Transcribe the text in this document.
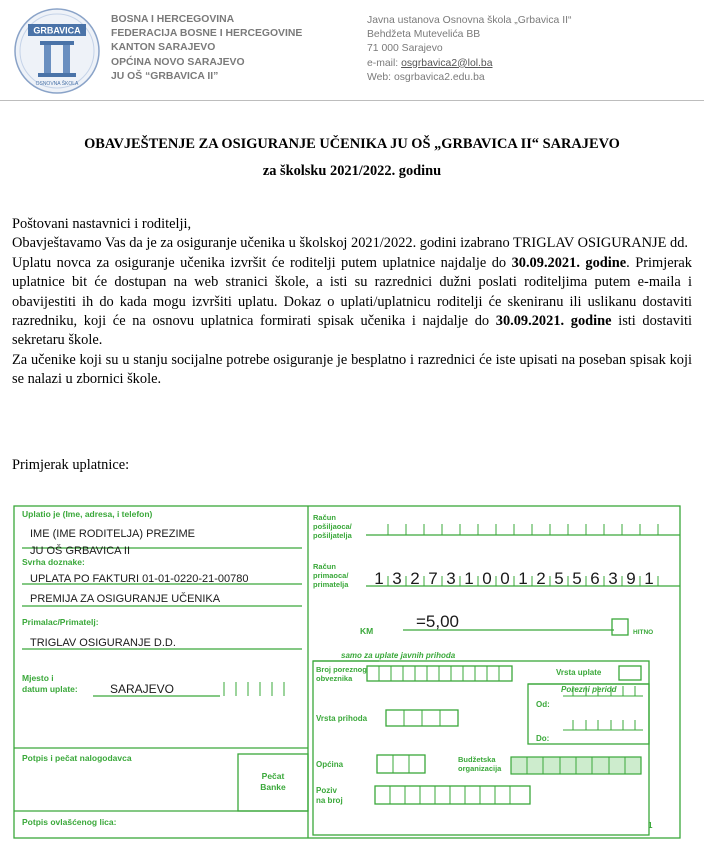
GRBAVICA
OSNOVNA ŠKOLA
BOSNA I HERCEGOVINA
FEDERACIJA BOSNE I HERCEGOVINE
KANTON SARAJEVO
OPĆINA NOVO SARAJEVO
JU OŠ “GRBAVICA II”
Javna ustanova Osnovna škola „Grbavica II“
Behdžeta Mutevelića BB
71 000 Sarajevo
e-mail: osgrbavica2@lol.ba
Web: osgrbavica2.edu.ba
OBAVJEŠTENJE ZA OSIGURANJE UČENIKA JU OŠ „GRBAVICA II“ SARAJEVO
za školsku 2021/2022. godinu

Poštovani nastavnici i roditelji,

Obavještavamo Vas da je za osiguranje učenika u školskoj 2021/2022. godini izabrano TRIGLAV OSIGURANJE dd.

Uplatu novca za osiguranje učenika izvršit će roditelji putem uplatnice najdalje do 30.09.2021. godine. Primjerak uplatnice bit će dostupan na web stranici škole, a isti su razrednici dužni poslati roditeljima putem e-maila i obavijestiti ih do kada mogu izvršiti uplatu. Dokaz o uplati/uplatnicu roditelji će skeniranu ili uslikanu dostaviti razredniku, koji će na osnovu uplatnica formirati spisak učenika i najdalje do 30.09.2021. godine isti dostaviti sekretaru škole.

Za učenike koji su u stanju socijalne potrebe osiguranje je besplatno i razrednici će iste upisati na poseban spisak koji se nalazi u zbornici škole.

Primjerak uplatnice:
Uplatio je (Ime, adresa, i telefon)
Svrha doznake:
Primalac/Primatelj:
Mjesto i
datum uplate:
Potpis i pečat nalogodavca
Pečat
Banke
Potpis ovlašćenog lica:
Račun
pošiljaoca/
pošiljatelja
Račun
primaoca/
primatelja
KM	HITNO
samo za uplate javnih prihoda
Broj poreznog
obveznika
Vrsta uplate
Porezni period
Od:
Do:
Vrsta prihoda
Općina
Budžetska
organizacija
Poziv
na broj
1
IME (IME RODITELJA) PREZIME
JU OŠ GRBAVICA II
UPLATA PO FAKTURI 01-01-0220-21-00780
PREMIJA ZA OSIGURANJE UČENIKA
TRIGLAV OSIGURANJE D.D.
SARAJEVO
=5,00
1 3 2 7 3 1 0 0 1 2 5 5 6 3 9 1
